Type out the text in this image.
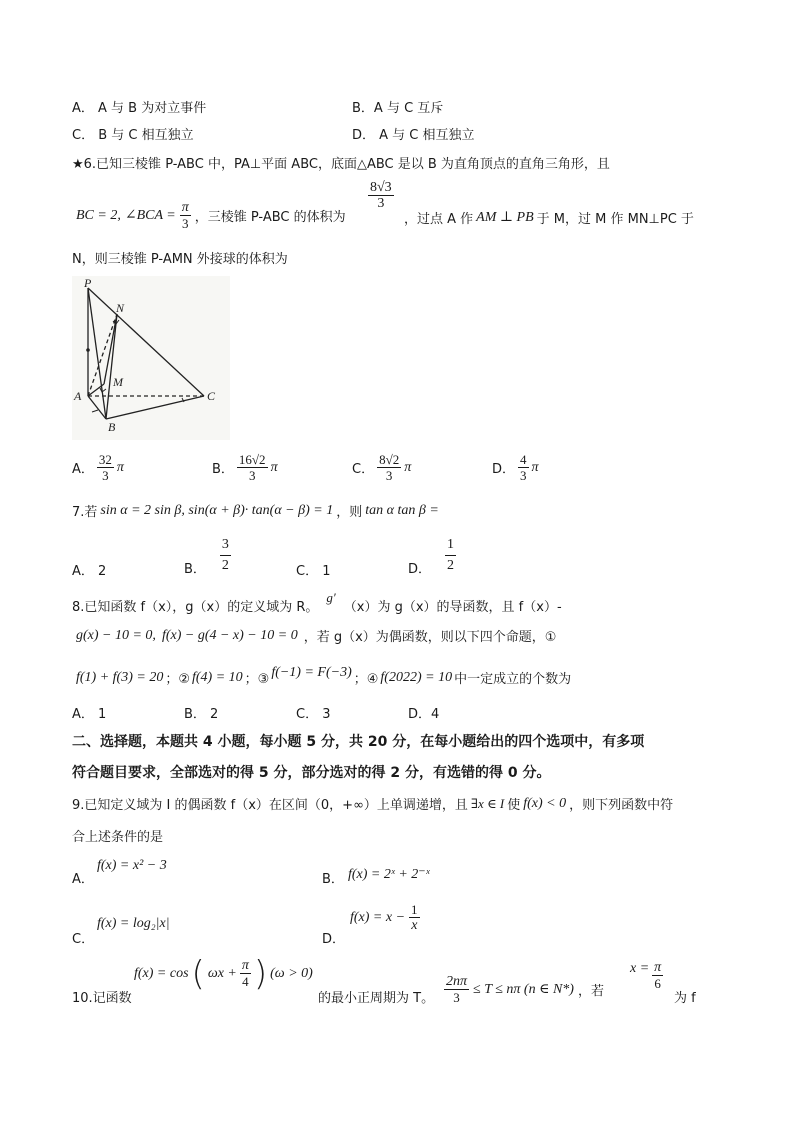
A． A 与 B 为对立事件	B．A 与 C 互斥
C． B 与 C 相互独立	D． A 与 C 相互独立
★6.已知三棱锥 P-ABC 中，PA⊥平面 ABC，底面△ABC 是以 B 为直角顶点的直角三角形，且
BC = 2, ∠BCA = $\frac{\pi}{3}$ ，三棱锥 P-ABC 的体积为
$\frac{8√3}{3}$
，过点 A 作 AM ⊥ PB 于 M，过 M 作 MN⊥PC 于
N，则三棱锥 P-AMN 外接球的体积为
P
N
M
A
B
C
A． $\frac{32}{3}$ π	B． $\frac{16√2}{3}$ π	C． $\frac{8√2}{3}$ π	D． $\frac{4}{3}$ π
7.若 sin α = 2 sin β, sin(α + β)· tan(α − β) = 1 ，则 tan α tan β =
A． 2	B． $\frac{3}{2}$	C． 1	D． $\frac{1}{2}$
8.已知函数 f（x），g（x）的定义域为 R。
g′
（x）为 g（x）的导函数，且 f（x）-
g(x) − 10 = 0, f(x) − g(4 − x) − 10 = 0 ，若 g（x）为偶函数，则以下四个命题，①
f(1) + f(3) = 20 ；② f(4) = 10 ；③ f(−1) = F(−3) ；④ f(2022) = 10 中一定成立的个数为
A． 1	B． 2	C． 3	D．4
二、选择题，本题共 4 小题，每小题 5 分，共 20 分，在每小题给出的四个选项中，有多项
符合题目要求，全部选对的得 5 分，部分选对的得 2 分，有选错的得 0 分。
9.已知定义域为 I 的偶函数 f（x）在区间（0，+∞）上单调递增，且 ∃x ∈ I 使 f(x) < 0 ，则下列函数中符
合上述条件的是
A．
f(x) = x² − 3
B． f(x) = 2ˣ + 2⁻ˣ
C．
f(x) = log₂|x|
D．
$f(x) = x - \frac{1}{x}$
10.记函数
f(x) = cos ( $\omega x + \frac{\pi}{4}$ ) (ω > 0)
的最小正周期为 T。 $\frac{2n\pi}{3} \le T \le n\pi$ (n ∈ N*) ，若
$x = \frac{\pi}{6}$
为 f
